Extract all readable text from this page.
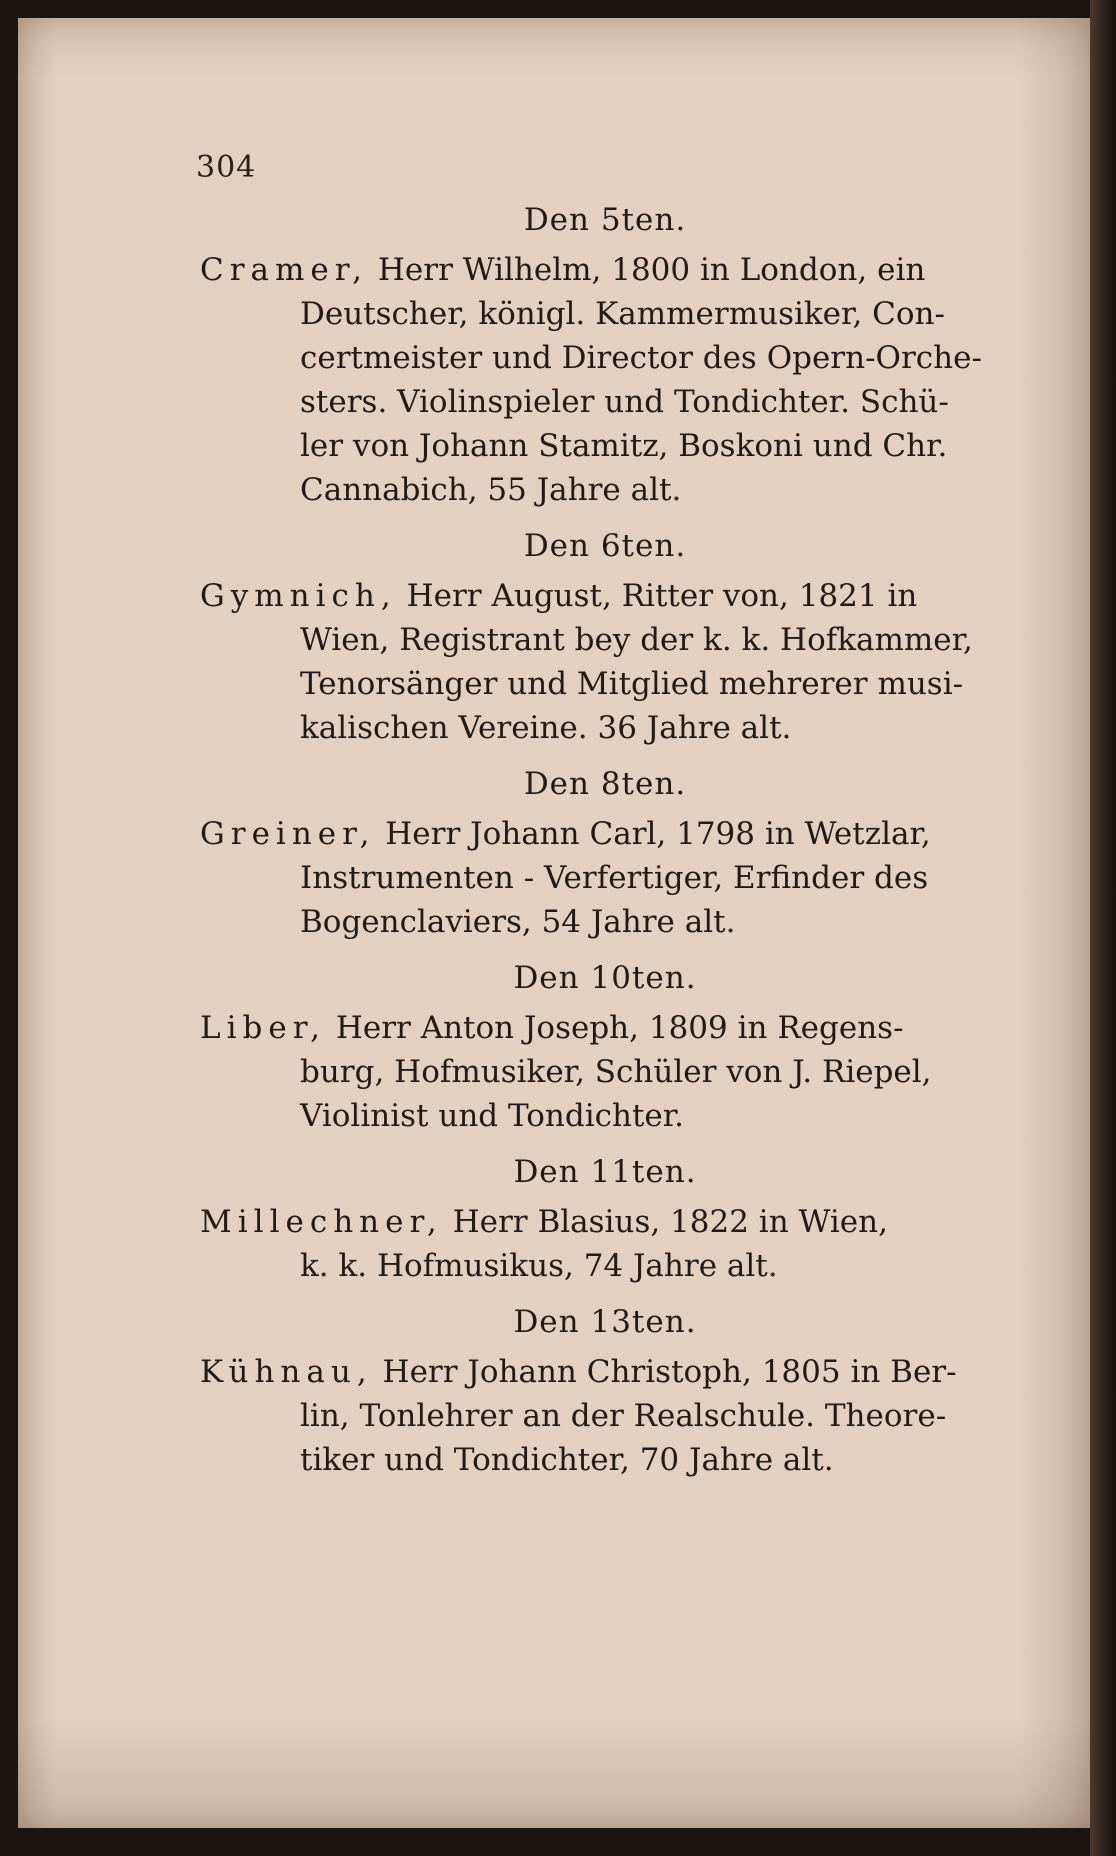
304

Den 5ten.

Cramer, Herr Wilhelm, 1800 in London, ein
Deutscher, königl. Kammermusiker, Con-
certmeister und Director des Opern-Orche-
sters. Violinspieler und Tondichter. Schü-
ler von Johann Stamitz, Boskoni und Chr.
Cannabich, 55 Jahre alt.

Den 6ten.

Gymnich, Herr August, Ritter von, 1821 in
Wien, Registrant bey der k. k. Hofkammer,
Tenorsänger und Mitglied mehrerer musi-
kalischen Vereine. 36 Jahre alt.

Den 8ten.

Greiner, Herr Johann Carl, 1798 in Wetzlar,
Instrumenten - Verfertiger, Erfinder des
Bogenclaviers, 54 Jahre alt.

Den 10ten.

Liber, Herr Anton Joseph, 1809 in Regens-
burg, Hofmusiker, Schüler von J. Riepel,
Violinist und Tondichter.

Den 11ten.

Millechner, Herr Blasius, 1822 in Wien,
k. k. Hofmusikus, 74 Jahre alt.

Den 13ten.

Kühnau, Herr Johann Christoph, 1805 in Ber-
lin, Tonlehrer an der Realschule. Theore-
tiker und Tondichter, 70 Jahre alt.
